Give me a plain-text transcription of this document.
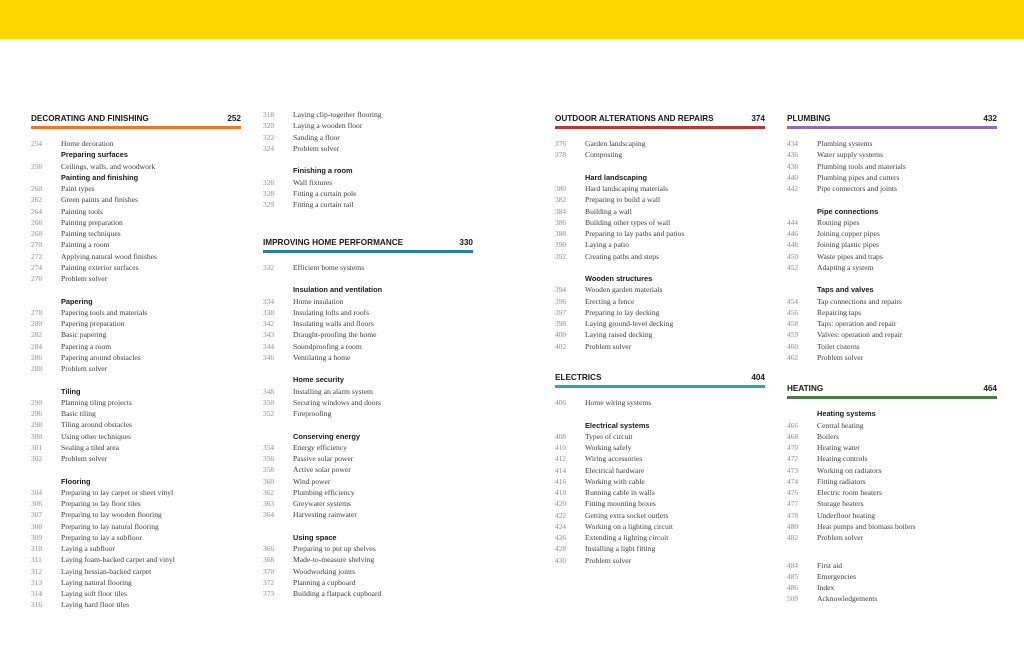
DECORATING AND FINISHING	252
254	Home decoration
Preparing surfaces
256	Ceilings, walls, and woodwork
Painting and finishing
260	Paint types
262	Green paints and finishes
264	Painting tools
266	Painting preparation
268	Painting techniques
270	Painting a room
272	Applying natural wood finishes
274	Painting exterior surfaces
276	Problem solver
Papering
278	Papering tools and materials
280	Papering preparation
282	Basic papering
284	Papering a room
286	Papering around obstacles
288	Problem solver
Tiling
290	Planning tiling projects
296	Basic tiling
298	Tiling around obstacles
300	Using other techniques
301	Sealing a tiled area
302	Problem solver
Flooring
304	Preparing to lay carpet or sheet vinyl
306	Preparing to lay floor tiles
307	Preparing to lay wooden flooring
308	Preparing to lay natural flooring
309	Preparing to lay a subfloor
310	Laying a subfloor
311	Laying foam-backed carpet and vinyl
312	Laying hessian-backed carpet
313	Laying natural flooring
314	Laying soft floor tiles
316	Laying hard floor tiles
318	Laying clip-together flooring
320	Laying a wooden floor
322	Sanding a floor
324	Problem solver
Finishing a room
326	Wall fixtures
328	Fitting a curtain pole
329	Fitting a curtain rail
IMPROVING HOME PERFORMANCE	330
332	Efficient home systems
Insulation and ventilation
334	Home insulation
338	Insulating lofts and roofs
342	Insulating walls and floors
343	Draught-proofing the home
344	Soundproofing a room
346	Ventilating a home
Home security
348	Installing an alarm system
350	Securing windows and doors
352	Fireproofing
Conserving energy
354	Energy efficiency
356	Passive solar power
358	Active solar power
360	Wind power
362	Plumbing efficiency
363	Greywater systems
364	Harvesting rainwater
Using space
366	Preparing to put up shelves
368	Made-to-measure shelving
370	Woodworking joints
372	Planning a cupboard
373	Building a flatpack cupboard
OUTDOOR ALTERATIONS AND REPAIRS	374
376	Garden landscaping
378	Composting
Hard landscaping
380	Hard landscaping materials
382	Preparing to build a wall
384	Building a wall
386	Building other types of wall
388	Preparing to lay paths and patios
390	Laying a patio
392	Creating paths and steps
Wooden structures
394	Wooden garden materials
396	Erecting a fence
397	Preparing to lay decking
398	Laying ground-level decking
400	Laying raised decking
402	Problem solver
ELECTRICS	404
406	Home wiring systems
Electrical systems
408	Types of circuit
410	Working safely
412	Wiring accessories
414	Electrical hardware
416	Working with cable
418	Running cable in walls
420	Fitting mounting boxes
422	Getting extra socket outlets
424	Working on a lighting circuit
426	Extending a lighting circuit
428	Installing a light fitting
430	Problem solver
PLUMBING	432
434	Plumbing systems
436	Water supply systems
438	Plumbing tools and materials
440	Plumbing pipes and cutters
442	Pipe connectors and joints
Pipe connections
444	Routing pipes
446	Joining copper pipes
448	Joining plastic pipes
450	Waste pipes and traps
452	Adapting a system
Taps and valves
454	Tap connections and repairs
456	Repairing taps
458	Taps: operation and repair
459	Valves: operation and repair
460	Toilet cisterns
462	Problem solver
HEATING	464
Heating systems
466	Central heating
468	Boilers
470	Heating water
472	Heating controls
473	Working on radiators
474	Fitting radiators
476	Electric room heaters
477	Storage heaters
478	Underfloor heating
480	Heat pumps and biomass boilers
482	Problem solver
484	First aid
485	Emergencies
486	Index
509	Acknowledgements
